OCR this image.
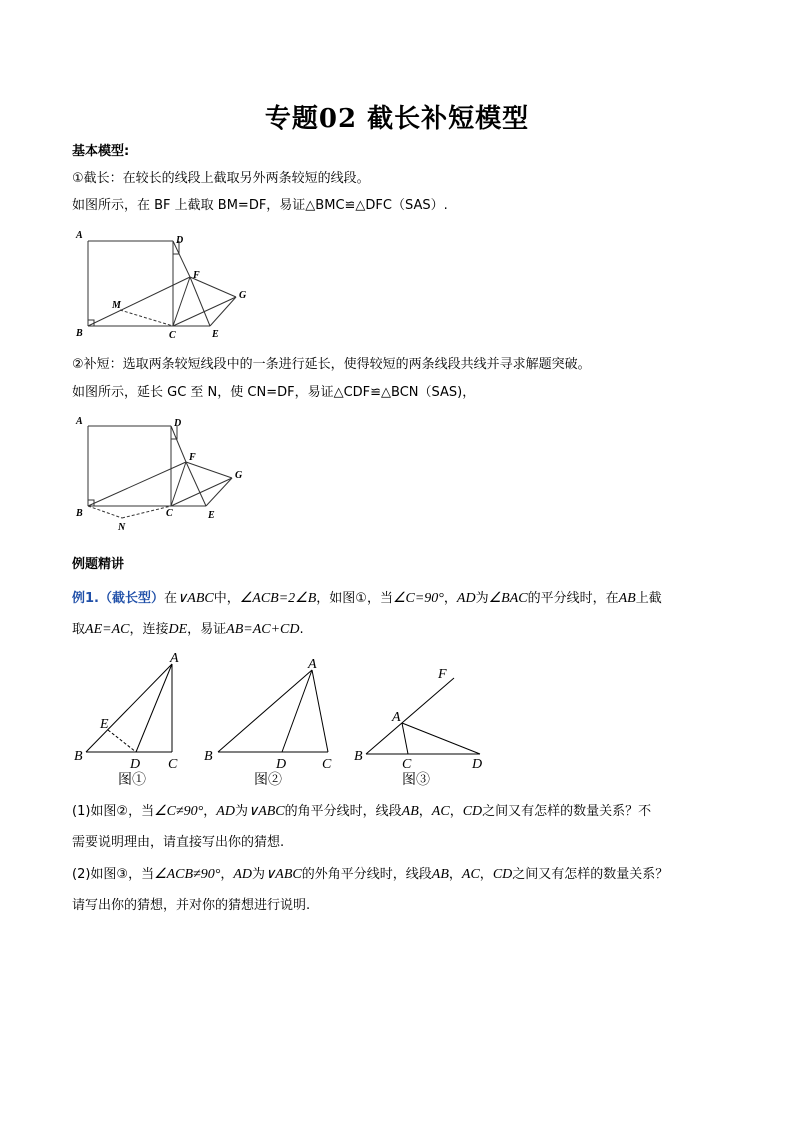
专题02 截长补短模型
基本模型:
①截长：在较长的线段上截取另外两条较短的线段。
如图所示，在 BF 上截取 BM=DF，易证△BMC≌△DFC（SAS）.
A	D
F
G
M
B	C	E
②补短：选取两条较短线段中的一条进行延长，使得较短的两条线段共线并寻求解题突破。
如图所示，延长 GC 至 N，使 CN=DF，易证△CDF≌△BCN（SAS)，
A	D
F
G
B
N
C	E
例题精讲
例1.（截长型）在∨ABC中，∠ACB=2∠B，如图①，当∠C=90°，AD为∠BAC的平分线时，在AB上截
取AE=AC，连接DE，易证AB=AC+CD.
A
E
B
D C
A
B
D	C
F
A
B
C	D
图①	图②	图③
(1)如图②，当∠C≠90°，AD为∨ABC的角平分线时，线段AB，AC，CD之间又有怎样的数量关系？不
需要说明理由，请直接写出你的猜想.
(2)如图③，当∠ACB≠90°，AD为∨ABC的外角平分线时，线段AB，AC，CD之间又有怎样的数量关系？
请写出你的猜想，并对你的猜想进行说明.
